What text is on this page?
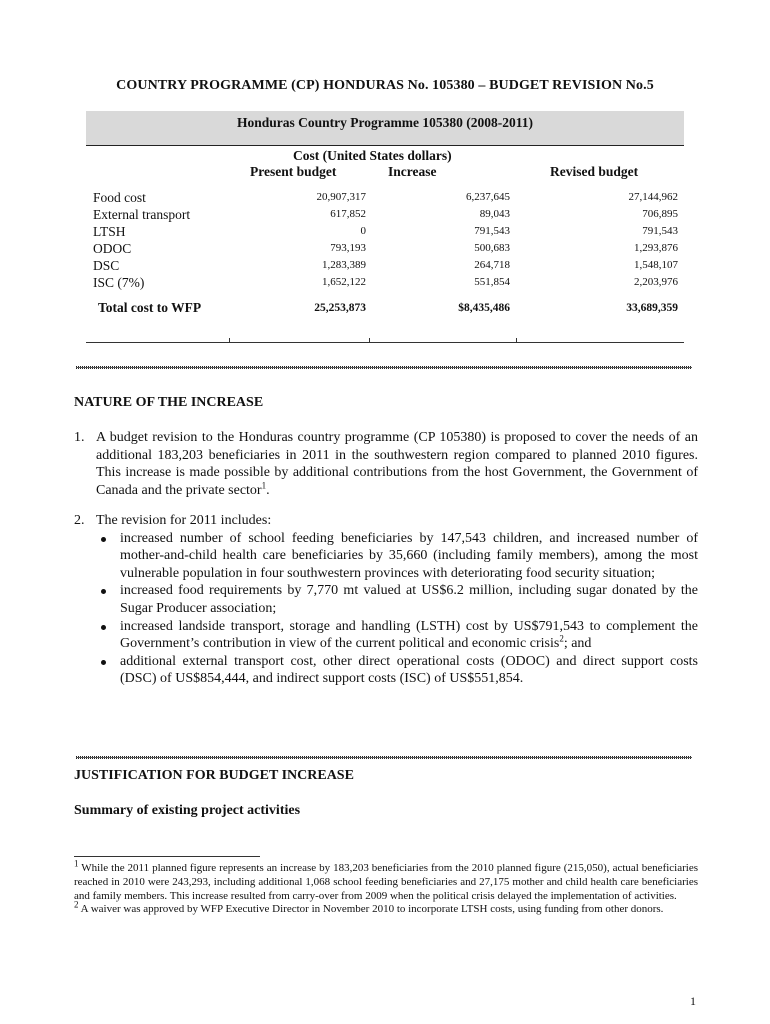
COUNTRY PROGRAMME (CP) HONDURAS No. 105380 – BUDGET REVISION No.5
Honduras Country Programme 105380 (2008-2011)
Cost (United States dollars)
Present budget	Increase	Revised budget
Food cost	20,907,317	6,237,645	27,144,962
External transport	617,852	89,043	706,895
LTSH	0	791,543	791,543
ODOC	793,193	500,683	1,293,876
DSC	1,283,389	264,718	1,548,107
ISC (7%)	1,652,122	551,854	2,203,976
Total cost to WFP	25,253,873	$8,435,486	33,689,359
NATURE OF THE INCREASE
1. A budget revision to the Honduras country programme (CP 105380) is proposed to cover the needs of an additional 183,203 beneficiaries in 2011 in the southwestern region compared to planned 2010 figures. This increase is made possible by additional contributions from the host Government, the Government of Canada and the private sector$^1$.
2. The revision for 2011 includes:
increased number of school feeding beneficiaries by 147,543 children, and increased number of mother-and-child health care beneficiaries by 35,660 (including family members), among the most vulnerable population in four southwestern provinces with deteriorating food security situation;
increased food requirements by 7,770 mt valued at US$6.2 million, including sugar donated by the Sugar Producer association;
increased landside transport, storage and handling (LSTH) cost by US$791,543 to complement the Government’s contribution in view of the current political and economic crisis$^2$; and
additional external transport cost, other direct operational costs (ODOC) and direct support costs (DSC) of US$854,444, and indirect support costs (ISC) of US$551,854.
JUSTIFICATION FOR BUDGET INCREASE
Summary of existing project activities
$^1$ While the 2011 planned figure represents an increase by 183,203 beneficiaries from the 2010 planned figure (215,050), actual beneficiaries reached in 2010 were 243,293, including additional 1,068 school feeding beneficiaries and 27,175 mother and child health care beneficiaries and family members. This increase resulted from carry-over from 2009 when the political crisis delayed the implementation of activities.
$^2$ A waiver was approved by WFP Executive Director in November 2010 to incorporate LTSH costs, using funding from other donors.
1
